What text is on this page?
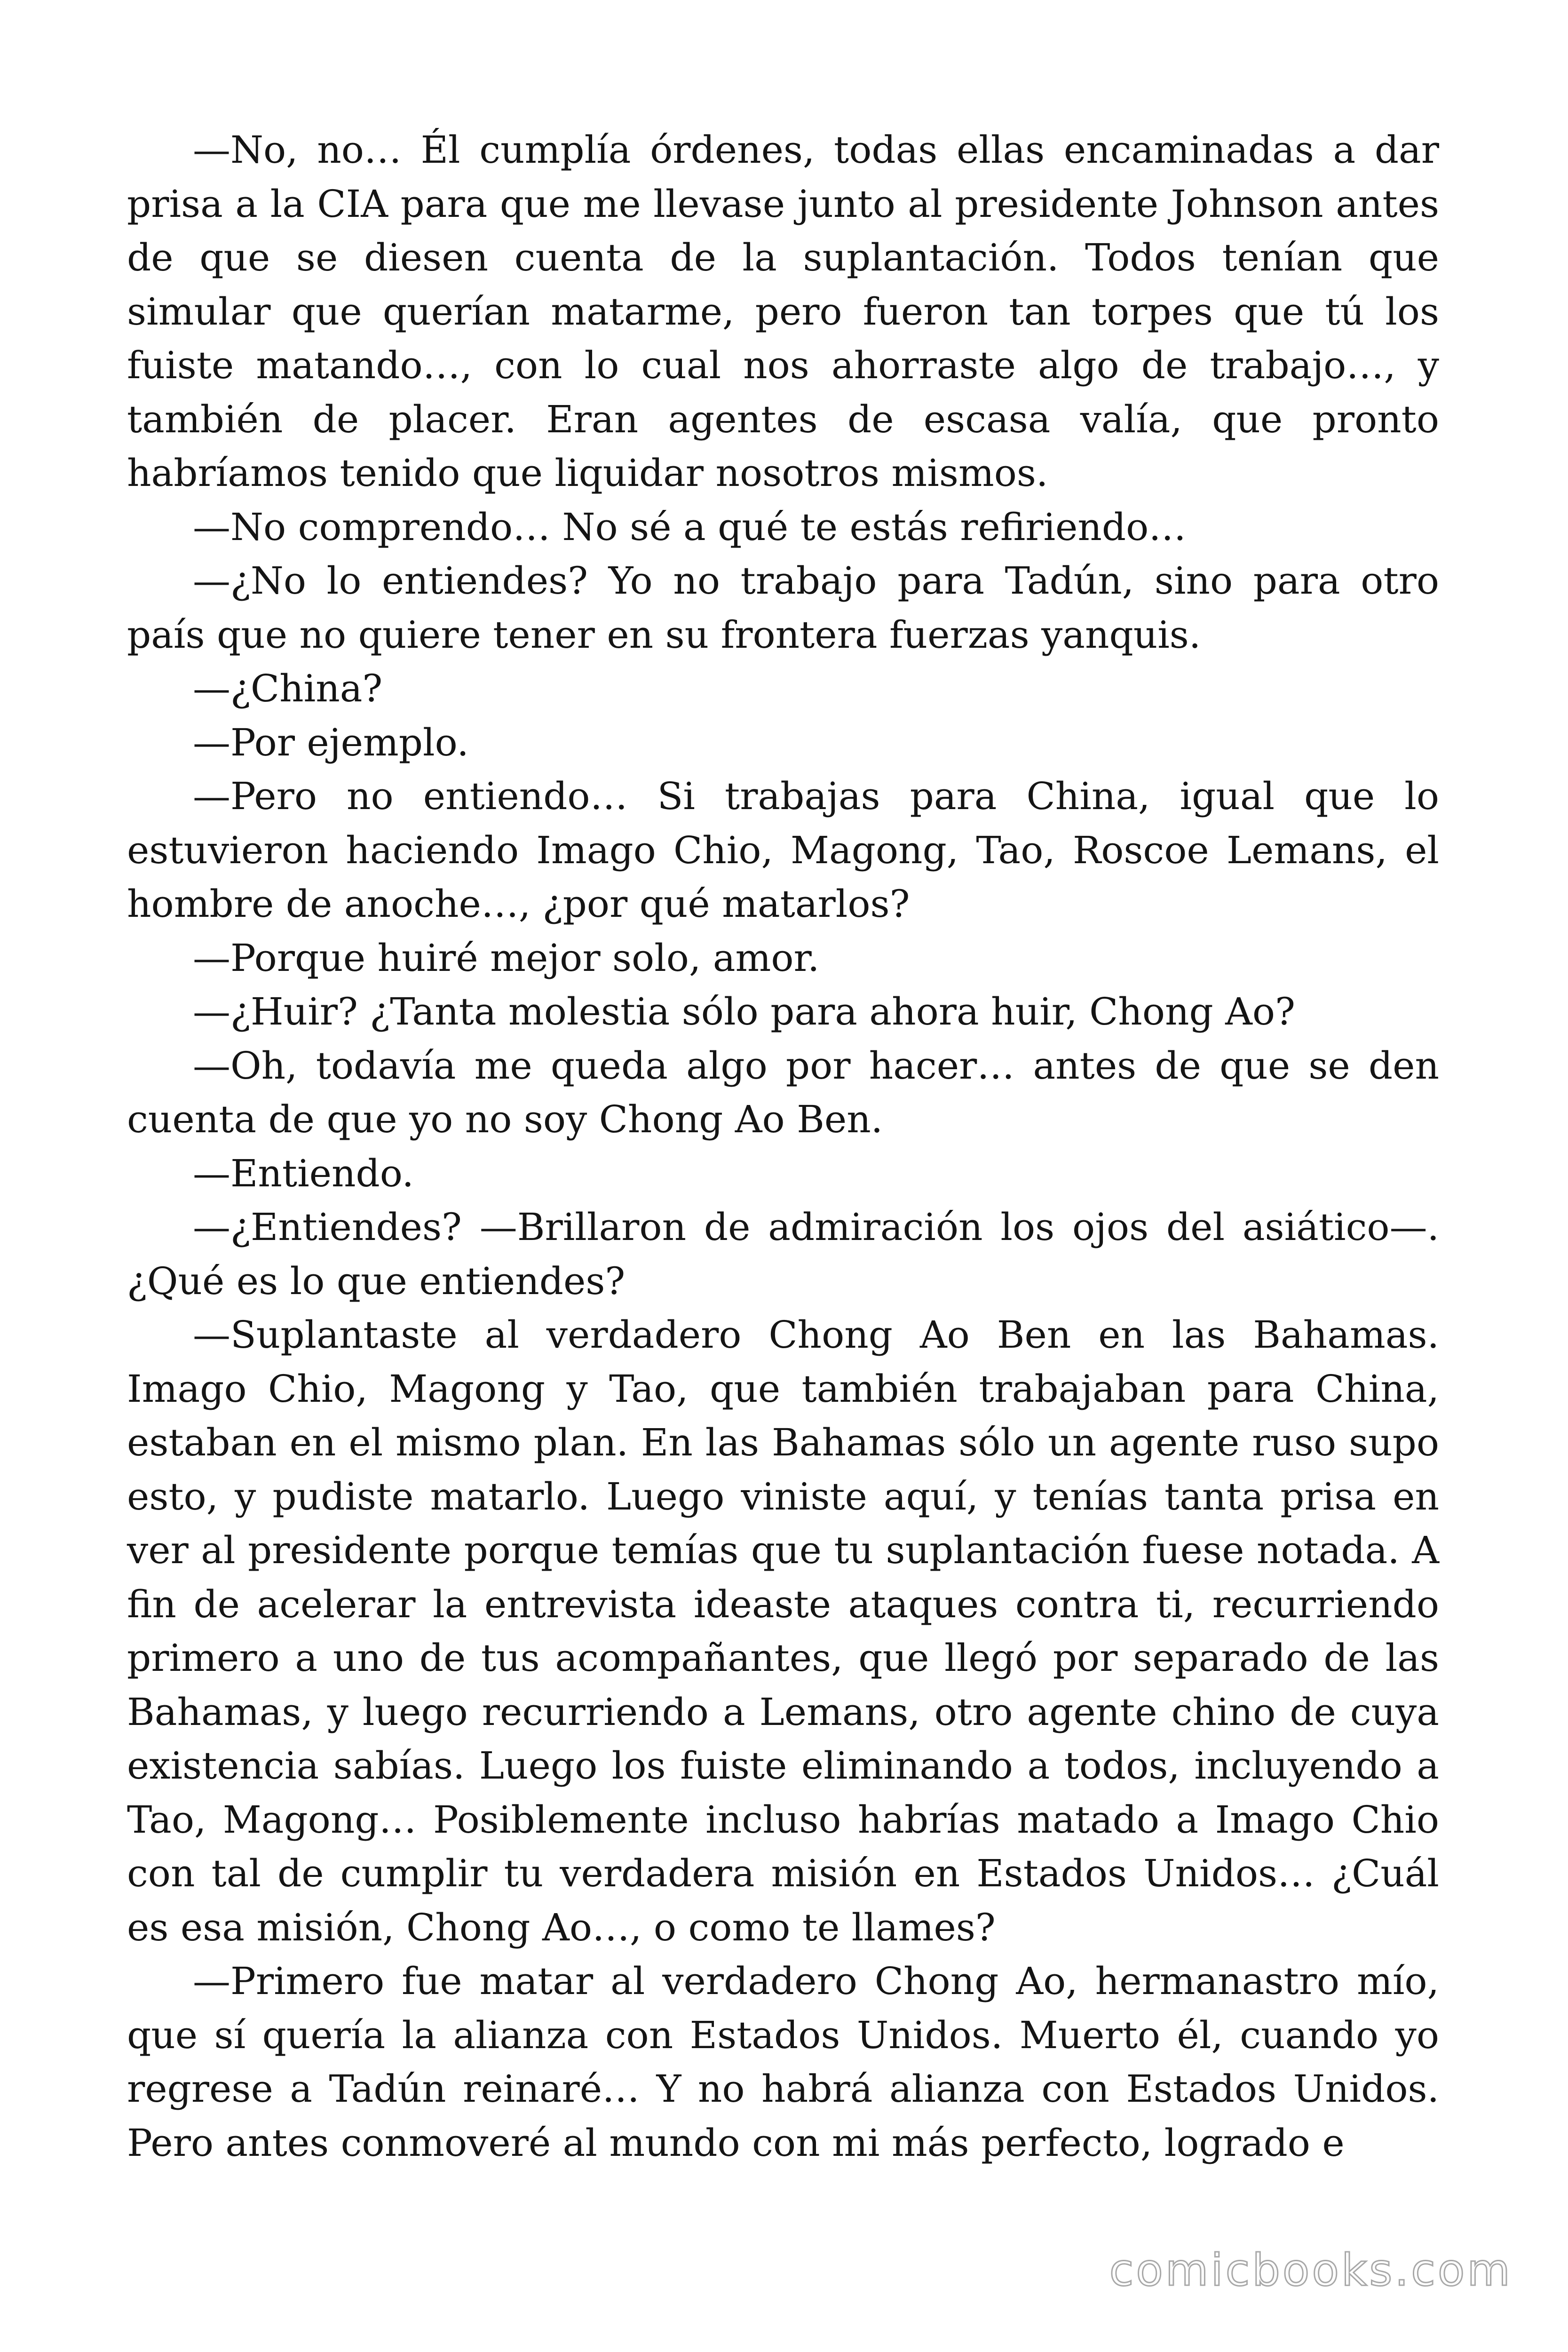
—No, no… Él cumplía órdenes, todas ellas encaminadas a dar prisa a la CIA para que me llevase junto al presidente Johnson antes de que se diesen cuenta de la suplantación. Todos tenían que simular que querían matarme, pero fueron tan torpes que tú los fuiste matando…, con lo cual nos ahorraste algo de trabajo…, y también de placer. Eran agentes de escasa valía, que pronto habríamos tenido que liquidar nosotros mismos.

—No comprendo… No sé a qué te estás refiriendo…

—¿No lo entiendes? Yo no trabajo para Tadún, sino para otro país que no quiere tener en su frontera fuerzas yanquis.

—¿China?

—Por ejemplo.

—Pero no entiendo… Si trabajas para China, igual que lo estuvieron haciendo Imago Chio, Magong, Tao, Roscoe Lemans, el hombre de anoche…, ¿por qué matarlos?

—Porque huiré mejor solo, amor.

—¿Huir? ¿Tanta molestia sólo para ahora huir, Chong Ao?

—Oh, todavía me queda algo por hacer… antes de que se den cuenta de que yo no soy Chong Ao Ben.

—Entiendo.

—¿Entiendes? —Brillaron de admiración los ojos del asiático—. ¿Qué es lo que entiendes?

—Suplantaste al verdadero Chong Ao Ben en las Bahamas. Imago Chio, Magong y Tao, que también trabajaban para China, estaban en el mismo plan. En las Bahamas sólo un agente ruso supo esto, y pudiste matarlo. Luego viniste aquí, y tenías tanta prisa en ver al presidente porque temías que tu suplantación fuese notada. A fin de acelerar la entrevista ideaste ataques contra ti, recurriendo primero a uno de tus acompañantes, que llegó por separado de las Bahamas, y luego recurriendo a Lemans, otro agente chino de cuya existencia sabías. Luego los fuiste eliminando a todos, incluyendo a Tao, Magong… Posiblemente incluso habrías matado a Imago Chio con tal de cumplir tu verdadera misión en Estados Unidos… ¿Cuál es esa misión, Chong Ao…, o como te llames?

—Primero fue matar al verdadero Chong Ao, hermanastro mío, que sí quería la alianza con Estados Unidos. Muerto él, cuando yo regrese a Tadún reinaré… Y no habrá alianza con Estados Unidos. Pero antes conmoveré al mundo con mi más perfecto, logrado e

comicbooks.com
